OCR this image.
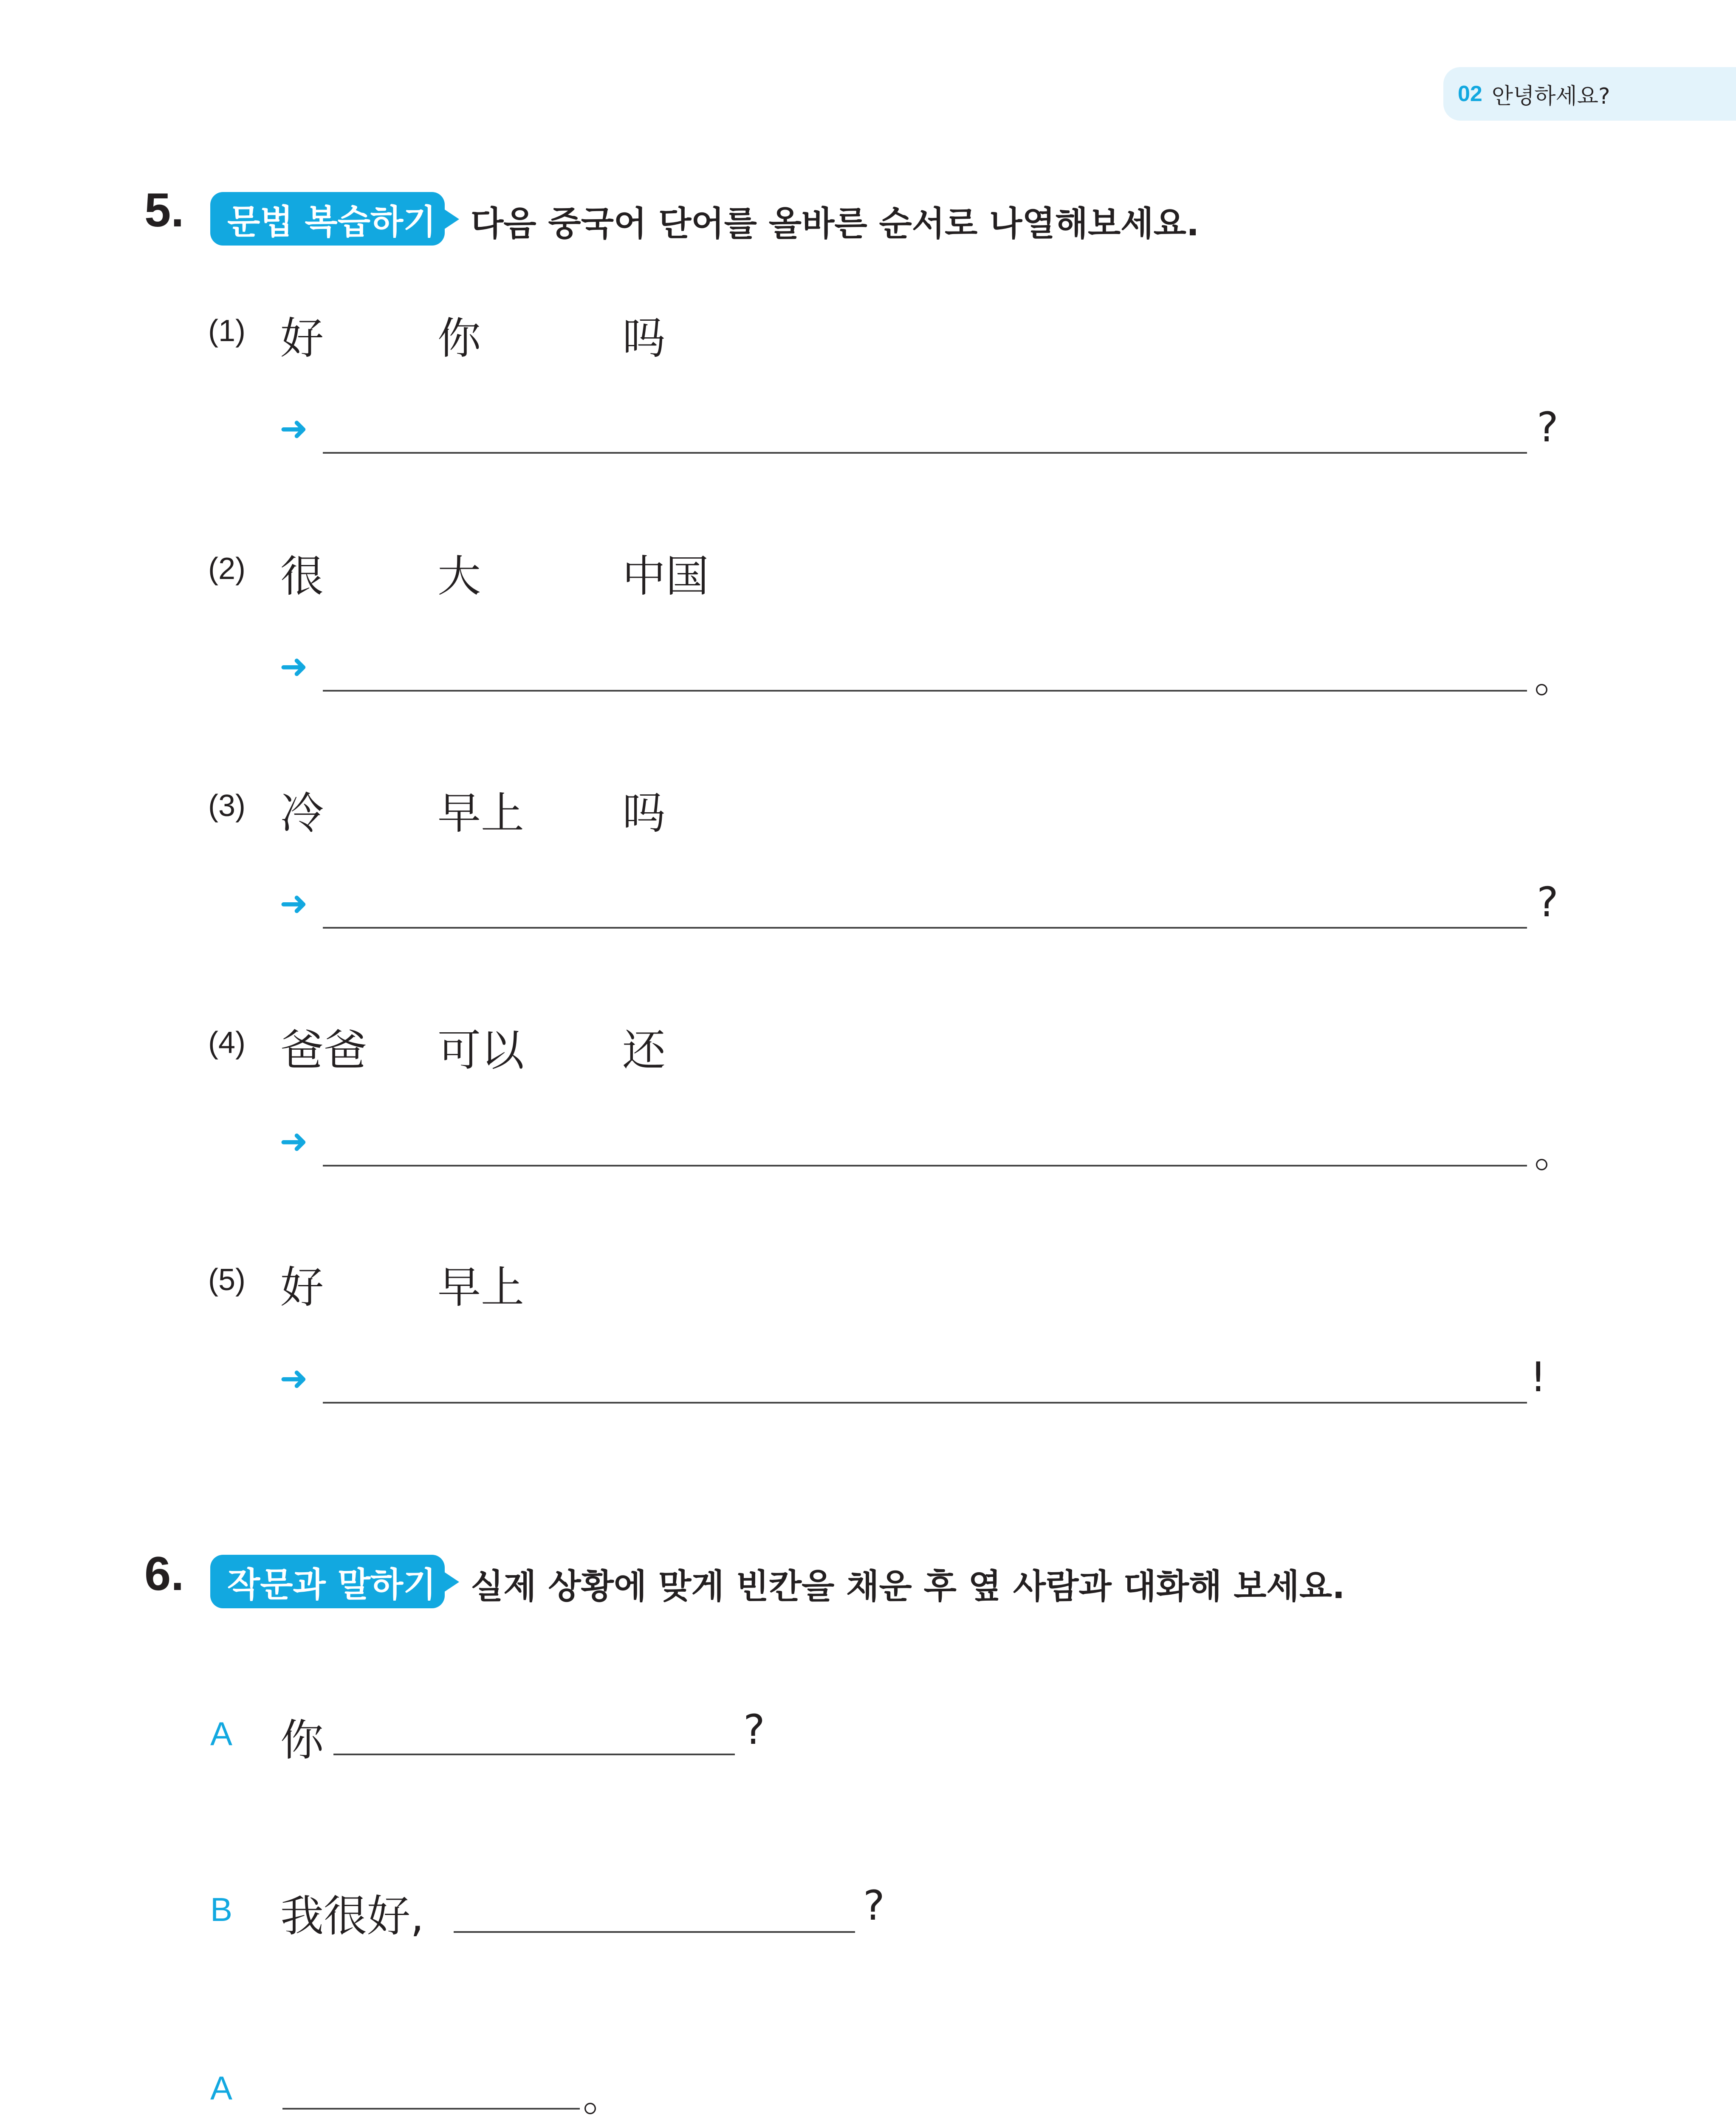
02 안녕하세요?
5.	문법 복습하기 다음 중국어 단어를 올바른 순서로 나열해보세요.
(1) 好	你	吗
➜	?
(2) 很	大	中国
➜	。
(3) 冷	早上 吗
➜	?
(4) 爸爸 可以 还
➜	。
(5) 好	早上
➜	!
6.	작문과 말하기 실제 상황에 맞게 빈칸을 채운 후 옆 사람과 대화해 보세요.
A 你	?
B 我很好,	?
A	。
